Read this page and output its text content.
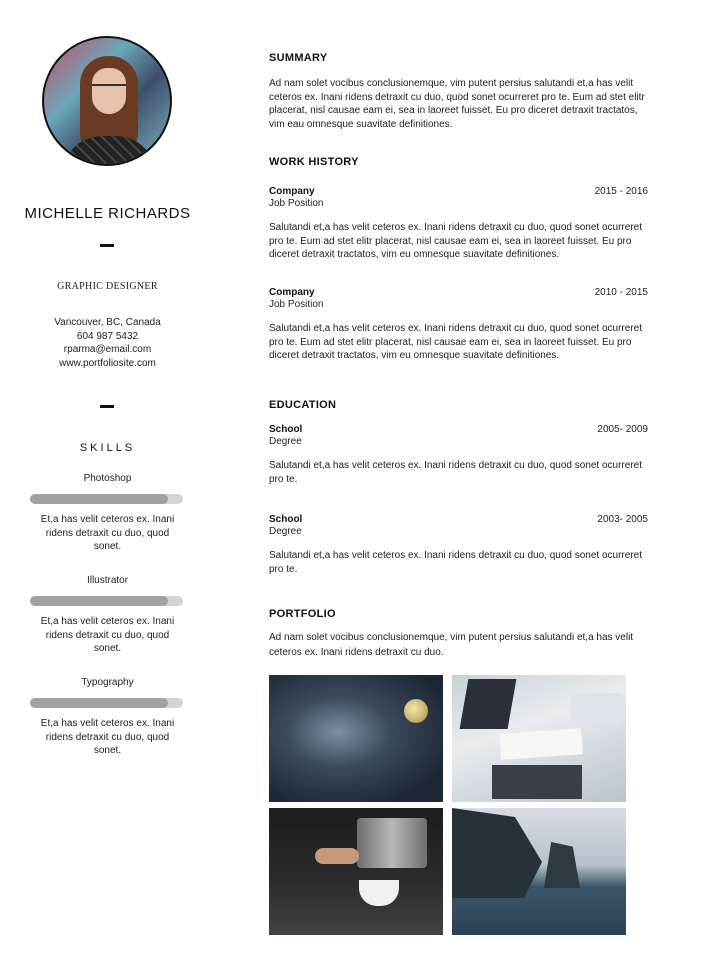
MICHELLE RICHARDS
GRAPHIC DESIGNER
Vancouver, BC, Canada
604 987 5432
rparma@email.com
www.portfoliosite.com
SKILLS
Photoshop
Et,a has velit ceteros ex. Inani ridens detraxit cu duo, quod sonet.
Illustrator
Et,a has velit ceteros ex. Inani ridens detraxit cu duo, quod sonet.
Typography
Et,a has velit ceteros ex. Inani ridens detraxit cu duo, quod sonet.
SUMMARY
Ad nam solet vocibus conclusionemque, vim putent persius salutandi et,a has velit ceteros ex. Inani ridens detraxit cu duo, quod sonet ocurreret pro te. Eum ad stet elitr placerat, nisl causae eam ei, sea in laoreet fuisset. Eu pro diceret detraxit tractatos, vim eau omnesque suavitate definitiones.
WORK HISTORY
Company	2015 - 2016
Job Position
Salutandi et,a has velit ceteros ex. Inani ridens detraxit cu duo, quod sonet ocurreret pro te. Eum ad stet elitr placerat, nisl causae eam ei, sea in laoreet fuisset. Eu pro diceret detraxit tractatos, vim eu omnesque suavitate definitiones.
Company	2010 - 2015
Job Position
Salutandi et,a has velit ceteros ex. Inani ridens detraxit cu duo, quod sonet ocurreret pro te. Eum ad stet elitr placerat, nisl causae eam ei, sea in laoreet fuisset. Eu pro diceret detraxit tractatos, vim eu omnesque suavitate definitiones.
EDUCATION
School	2005- 2009
Degree
Salutandi et,a has velit ceteros ex. Inani ridens detraxit cu duo, quod sonet ocurreret pro te.
School	2003- 2005
Degree
Salutandi et,a has velit ceteros ex. Inani ridens detraxit cu duo, quod sonet ocurreret pro te.
PORTFOLIO
Ad nam solet vocibus conclusionemque, vim putent persius salutandi et,a has velit ceteros ex. Inani ridens detraxit cu duo.
